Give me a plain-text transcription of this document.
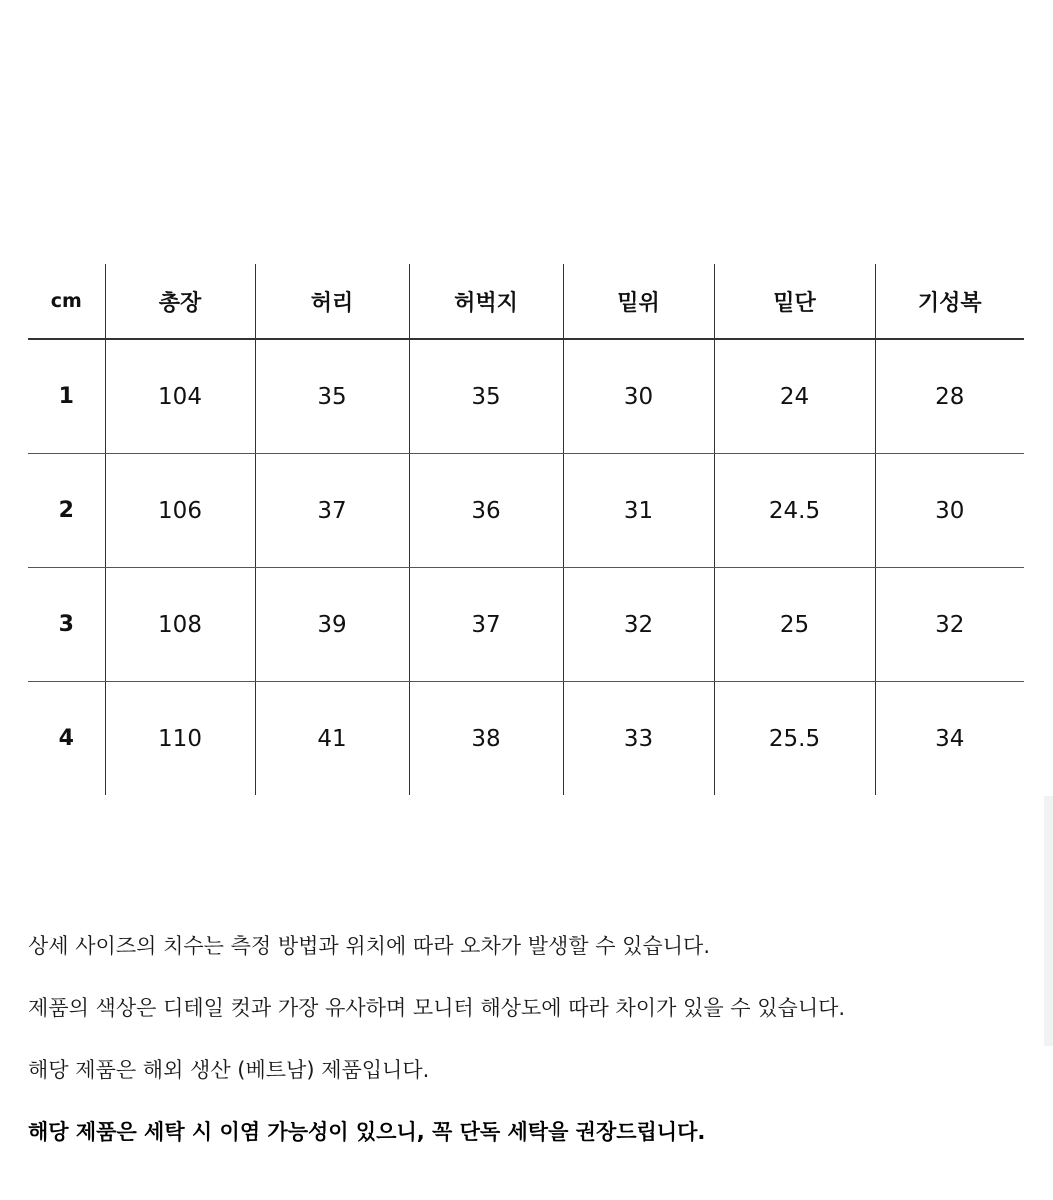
cm	총장	허리	허벅지	밑위	밑단	기성복
1	104	35	35	30	24	28
2	106	37	36	31	24.5	30
3	108	39	37	32	25	32
4	110	41	38	33	25.5	34

상세 사이즈의 치수는 측정 방법과 위치에 따라 오차가 발생할 수 있습니다.

제품의 색상은 디테일 컷과 가장 유사하며 모니터 해상도에 따라 차이가 있을 수 있습니다.

해당 제품은 해외 생산 (베트남) 제품입니다.

해당 제품은 세탁 시 이염 가능성이 있으니, 꼭 단독 세탁을 권장드립니다.
